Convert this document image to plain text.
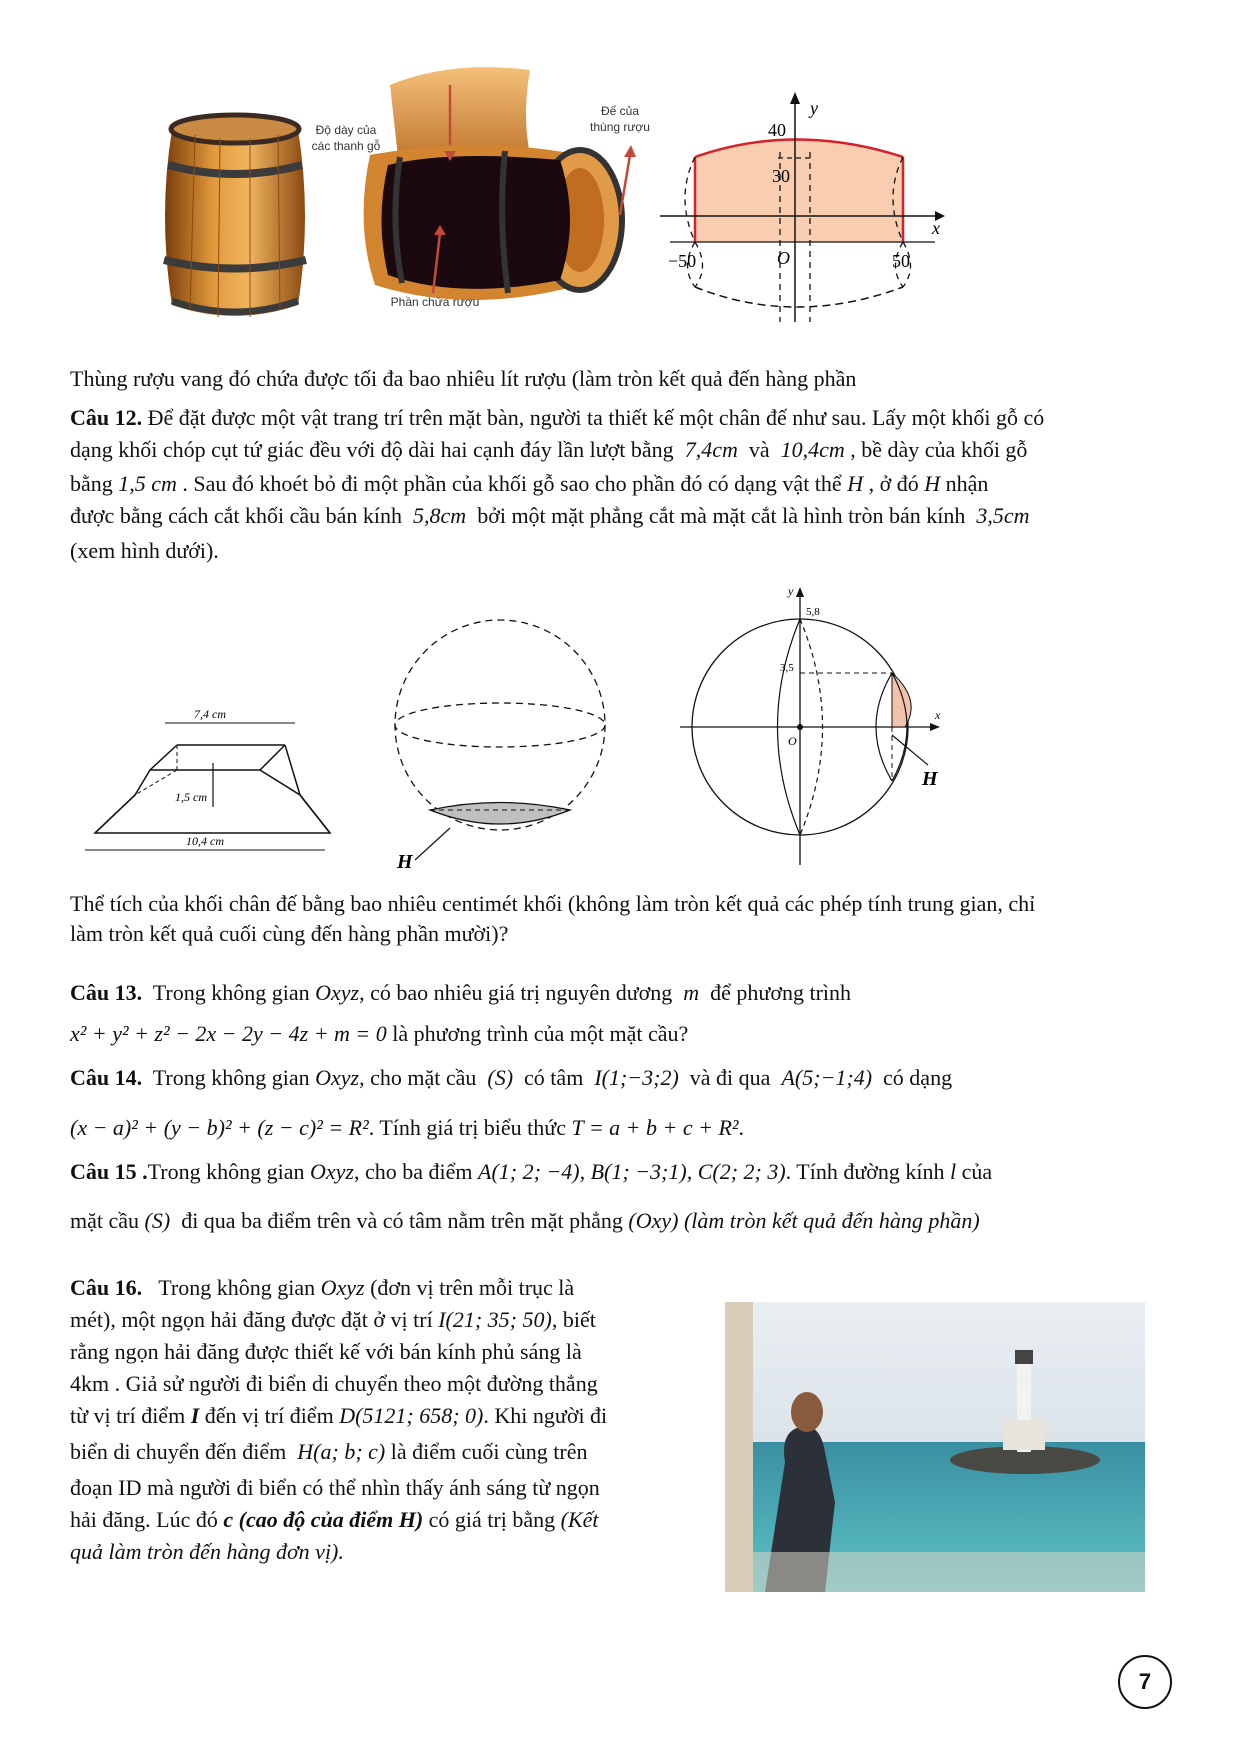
Độ dày của
các thanh gỗ
Đế của
thùng rượu
Phần chứa rượu
y
x
40
30
−50	O	50
Thùng rượu vang đó chứa được tối đa bao nhiêu lít rượu (làm tròn kết quả đến hàng phần
Câu 12. Để đặt được một vật trang trí trên mặt bàn, người ta thiết kế một chân đế như sau. Lấy một khối gỗ có
dạng khối chóp cụt tứ giác đều với độ dài hai cạnh đáy lần lượt bằng 7,4cm và 10,4cm , bề dày của khối gỗ
bằng 1,5 cm . Sau đó khoét bỏ đi một phần của khối gỗ sao cho phần đó có dạng vật thể H , ở đó H nhận
được bằng cách cắt khối cầu bán kính 5,8cm bởi một mặt phẳng cắt mà mặt cắt là hình tròn bán kính 3,5cm
(xem hình dưới).
7,4 cm
1,5 cm
10,4 cm
H
y
x
O
5,8
3,5
H
Thể tích của khối chân đế bằng bao nhiêu centimét khối (không làm tròn kết quả các phép tính trung gian, chỉ
làm tròn kết quả cuối cùng đến hàng phần mười)?
Câu 13. Trong không gian Oxyz, có bao nhiêu giá trị nguyên dương m để phương trình
x² + y² + z² − 2x − 2y − 4z + m = 0 là phương trình của một mặt cầu?
Câu 14. Trong không gian Oxyz, cho mặt cầu (S) có tâm I(1;−3;2) và đi qua A(5;−1;4) có dạng
(x − a)² + (y − b)² + (z − c)² = R². Tính giá trị biểu thức T = a + b + c + R².
Câu 15 .Trong không gian Oxyz, cho ba điểm A(1; 2; −4), B(1; −3;1), C(2; 2; 3). Tính đường kính l của
mặt cầu (S) đi qua ba điểm trên và có tâm nằm trên mặt phẳng (Oxy) (làm tròn kết quả đến hàng phần)
Câu 16. Trong không gian Oxyz (đơn vị trên mỗi trục là
mét), một ngọn hải đăng được đặt ở vị trí I(21; 35; 50), biết
rằng ngọn hải đăng được thiết kế với bán kính phủ sáng là
4km . Giả sử người đi biển di chuyển theo một đường thẳng
từ vị trí điểm I đến vị trí điểm D(5121; 658; 0). Khi người đi
biển di chuyển đến điểm H(a; b; c) là điểm cuối cùng trên
đoạn ID mà người đi biển có thể nhìn thấy ánh sáng từ ngọn
hải đăng. Lúc đó c (cao độ của điểm H) có giá trị bằng (Kết
quả làm tròn đến hàng đơn vị).
7
